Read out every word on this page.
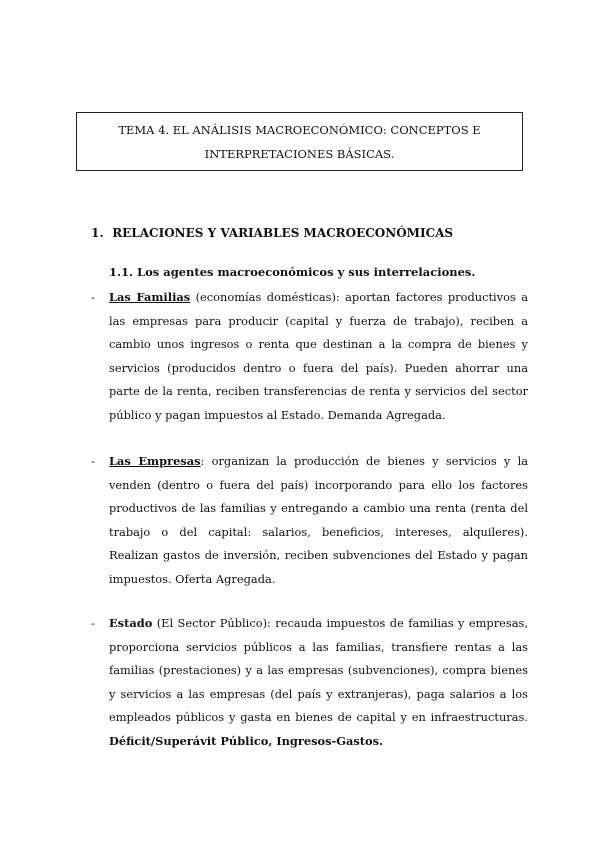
TEMA 4. EL ANÁLISIS MACROECONÓMICO: CONCEPTOS E
INTERPRETACIONES BÁSICAS.
1. RELACIONES Y VARIABLES MACROECONÓMICAS
1.1. Los agentes macroeconómicos y sus interrelaciones.
- Las Familias (economías domésticas): aportan factores productivos a las empresas para producir (capital y fuerza de trabajo), reciben a cambio unos ingresos o renta que destinan a la compra de bienes y servicios (producidos dentro o fuera del país). Pueden ahorrar una parte de la renta, reciben transferencias de renta y servicios del sector público y pagan impuestos al Estado. Demanda Agregada.
- Las Empresas: organizan la producción de bienes y servicios y la venden (dentro o fuera del país) incorporando para ello los factores productivos de las familias y entregando a cambio una renta (renta del trabajo o del capital: salarios, beneficios, intereses, alquileres). Realizan gastos de inversión, reciben subvenciones del Estado y pagan impuestos. Oferta Agregada.
- Estado (El Sector Público): recauda impuestos de familias y empresas, proporciona servicios públicos a las familias, transfiere rentas a las familias (prestaciones) y a las empresas (subvenciones), compra bienes y servicios a las empresas (del país y extranjeras), paga salarios a los empleados públicos y gasta en bienes de capital y en infraestructuras. Déficit/Superávit Público, Ingresos-Gastos.
